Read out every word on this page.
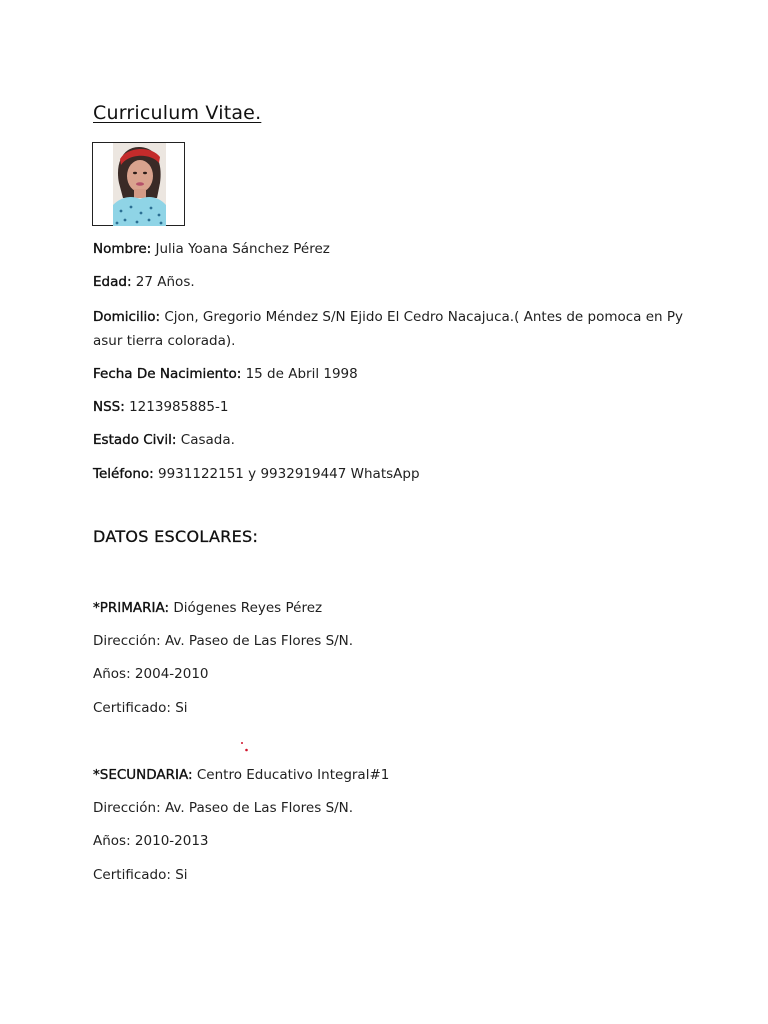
Curriculum Vitae.
Nombre: Julia Yoana Sánchez Pérez
Edad: 27 Años.
Domicilio: Cjon, Gregorio Méndez S/N Ejido El Cedro Nacajuca.( Antes de pomoca en Py asur tierra colorada).
Fecha De Nacimiento: 15 de Abril 1998
NSS: 1213985885-1
Estado Civil: Casada.
Teléfono: 9931122151 y 9932919447 WhatsApp
DATOS ESCOLARES:
*PRIMARIA: Diógenes Reyes Pérez
Dirección: Av. Paseo de Las Flores S/N.
Años: 2004-2010
Certificado: Si
*SECUNDARIA: Centro Educativo Integral#1
Dirección: Av. Paseo de Las Flores S/N.
Años: 2010-2013
Certificado: Si
